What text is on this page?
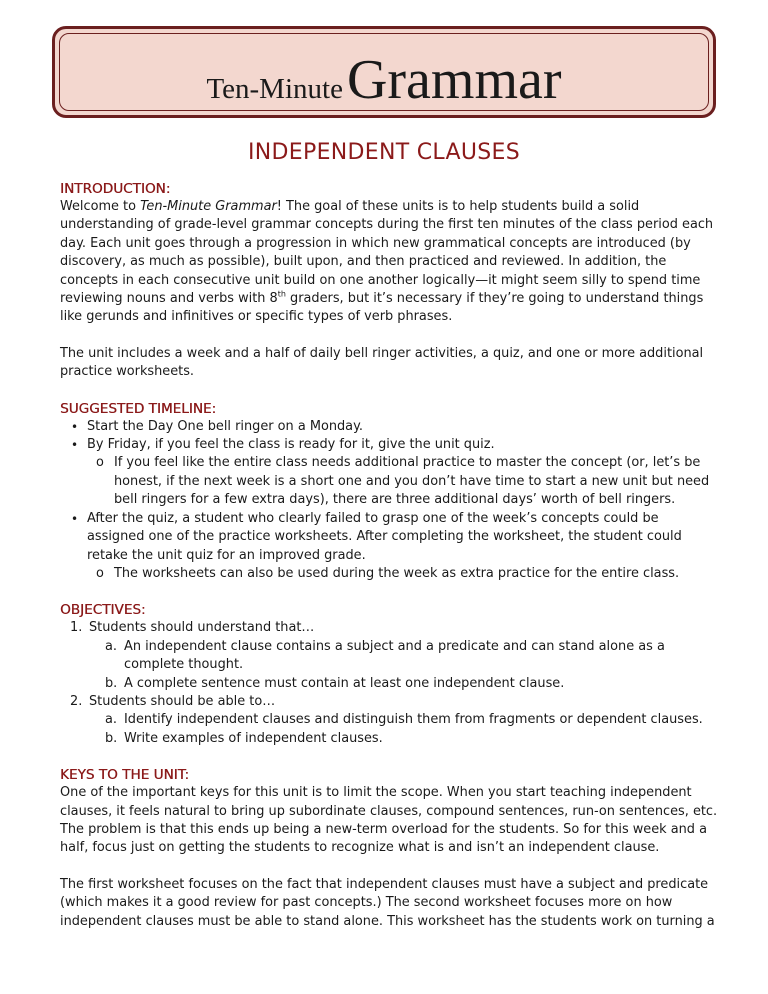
Ten-Minute Grammar
INDEPENDENT CLAUSES
INTRODUCTION:

Welcome to Ten-Minute Grammar! The goal of these units is to help students build a solid understanding of grade-level grammar concepts during the first ten minutes of the class period each day. Each unit goes through a progression in which new grammatical concepts are introduced (by discovery, as much as possible), built upon, and then practiced and reviewed. In addition, the concepts in each consecutive unit build on one another logically—it might seem silly to spend time reviewing nouns and verbs with 8th graders, but it’s necessary if they’re going to understand things like gerunds and infinitives or specific types of verb phrases.

The unit includes a week and a half of daily bell ringer activities, a quiz, and one or more additional practice worksheets.

SUGGESTED TIMELINE:
• Start the Day One bell ringer on a Monday.
• By Friday, if you feel the class is ready for it, give the unit quiz.
o If you feel like the entire class needs additional practice to master the concept (or, let’s be honest, if the next week is a short one and you don’t have time to start a new unit but need bell ringers for a few extra days), there are three additional days’ worth of bell ringers.
• After the quiz, a student who clearly failed to grasp one of the week’s concepts could be assigned one of the practice worksheets. After completing the worksheet, the student could retake the unit quiz for an improved grade.
o The worksheets can also be used during the week as extra practice for the entire class.
OBJECTIVES:
1. Students should understand that…
a. An independent clause contains a subject and a predicate and can stand alone as a complete thought.
b. A complete sentence must contain at least one independent clause.
2. Students should be able to…
a. Identify independent clauses and distinguish them from fragments or dependent clauses.
b. Write examples of independent clauses.
KEYS TO THE UNIT:

One of the important keys for this unit is to limit the scope. When you start teaching independent clauses, it feels natural to bring up subordinate clauses, compound sentences, run-on sentences, etc. The problem is that this ends up being a new-term overload for the students. So for this week and a half, focus just on getting the students to recognize what is and isn’t an independent clause.

The first worksheet focuses on the fact that independent clauses must have a subject and predicate (which makes it a good review for past concepts.) The second worksheet focuses more on how independent clauses must be able to stand alone. This worksheet has the students work on turning a
